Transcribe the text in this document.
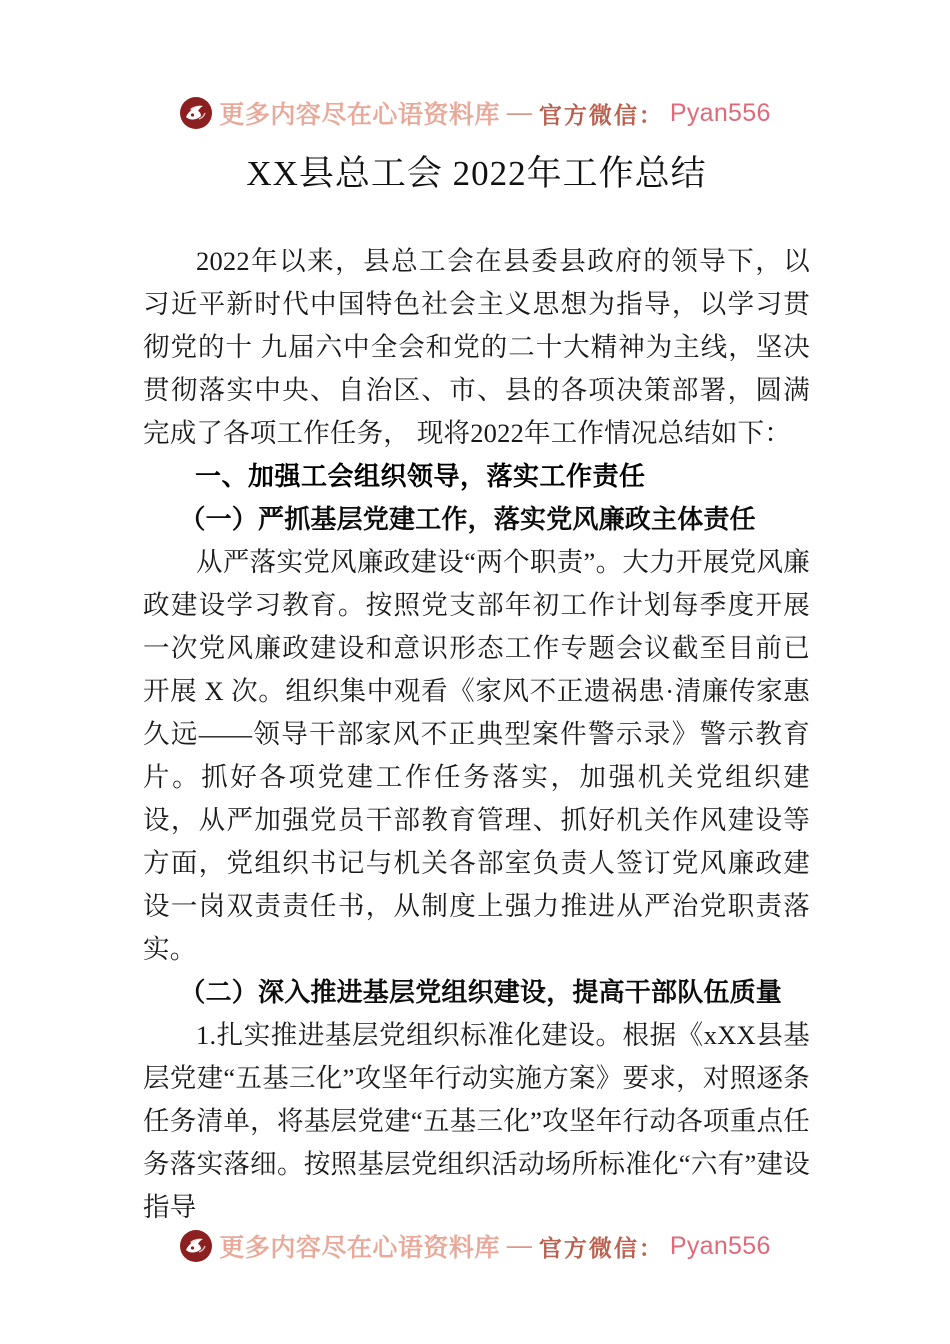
更多内容尽在心语资料库 — 官方微信： Pyan556
XX县总工会 2022年工作总结

2022年以来，县总工会在县委县政府的领导下，以习近平新时代中国特色社会主义思想为指导，以学习贯彻党的十 九届六中全会和党的二十大精神为主线，坚决贯彻落实中央、自治区、市、县的各项决策部署，圆满完成了各项工作任务， 现将2022年工作情况总结如下：

一、加强工会组织领导，落实工作责任
（一）严抓基层党建工作，落实党风廉政主体责任

从严落实党风廉政建设“两个职责”。大力开展党风廉政建设学习教育。按照党支部年初工作计划每季度开展一次党风廉政建设和意识形态工作专题会议截至目前已开展 X 次。组织集中观看《家风不正遗祸患·清廉传家惠久远——领导干部家风不正典型案件警示录》警示教育片。抓好各项党建工作任务落实，加强机关党组织建设，从严加强党员干部教育管理、抓好机关作风建设等方面，党组织书记与机关各部室负责人签订党风廉政建设一岗双责责任书，从制度上强力推进从严治党职责落实。

（二）深入推进基层党组织建设，提高干部队伍质量

1.扎实推进基层党组织标准化建设。根据《xXX县基层党建“五基三化”攻坚年行动实施方案》要求，对照逐条任务清单，将基层党建“五基三化”攻坚年行动各项重点任务落实落细。按照基层党组织活动场所标准化“六有”建设指导

更多内容尽在心语资料库 — 官方微信： Pyan556
